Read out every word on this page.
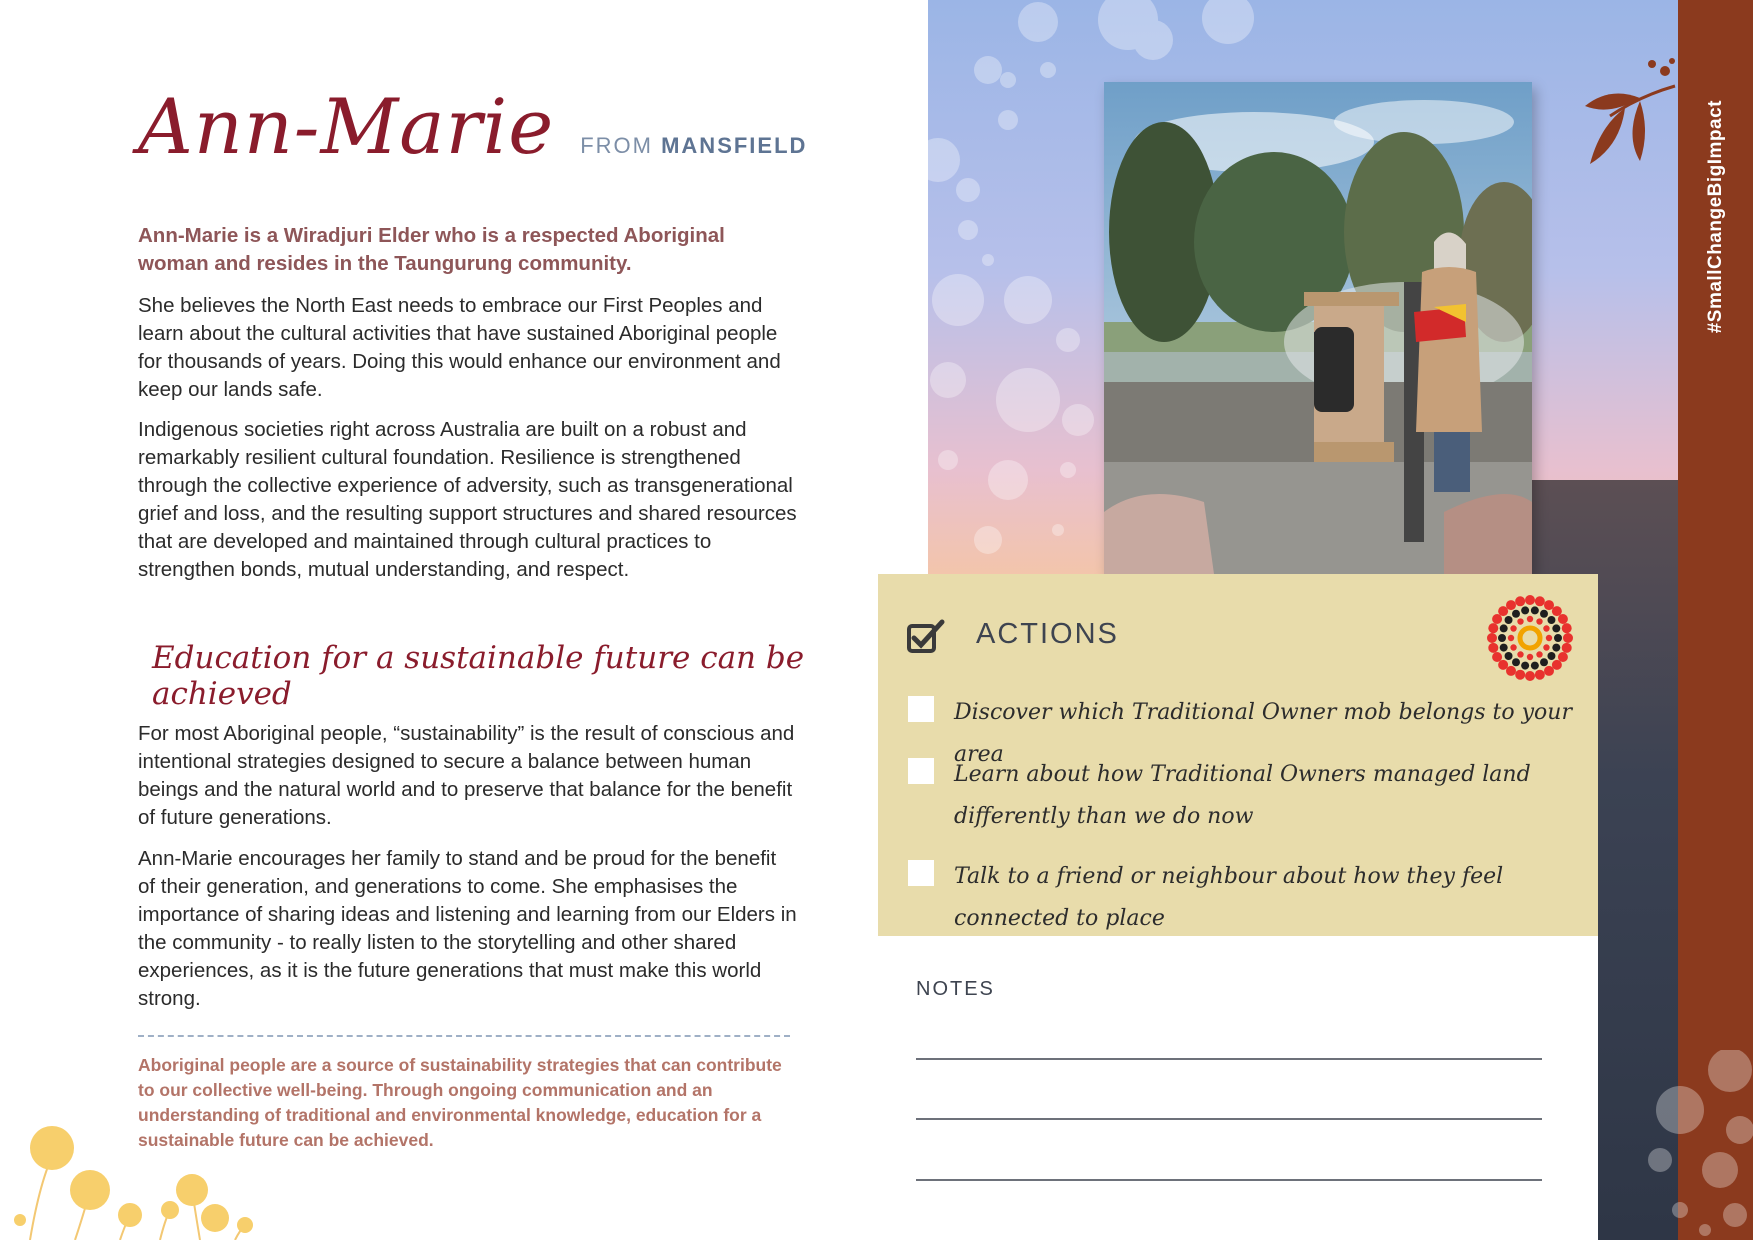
Ann-Marie FROM MANSFIELD
Ann-Marie is a Wiradjuri Elder who is a respected Aboriginal woman and resides in the Taungurung community.
She believes the North East needs to embrace our First Peoples and learn about the cultural activities that have sustained Aboriginal people for thousands of years. Doing this would enhance our environment and keep our lands safe.
Indigenous societies right across Australia are built on a robust and remarkably resilient cultural foundation. Resilience is strengthened through the collective experience of adversity, such as transgenerational grief and loss, and the resulting support structures and shared resources that are developed and maintained through cultural practices to strengthen bonds, mutual understanding, and respect.
Education for a sustainable future can be achieved
For most Aboriginal people, “sustainability” is the result of conscious and intentional strategies designed to secure a balance between human beings and the natural world and to preserve that balance for the benefit of future generations.
Ann-Marie encourages her family to stand and be proud for the benefit of their generation, and generations to come. She emphasises the importance of sharing ideas and listening and learning from our Elders in the community - to really listen to the storytelling and other shared experiences, as it is the future generations that must make this world strong.
Aboriginal people are a source of sustainability strategies that can contribute to our collective well-being. Through ongoing communication and an understanding of traditional and environmental knowledge, education for a sustainable future can be achieved.
ACTIONS
Discover which Traditional Owner mob belongs to your area
Learn about how Traditional Owners managed land differently than we do now
Talk to a friend or neighbour about how they feel connected to place
NOTES
#SmallChangeBigImpact
